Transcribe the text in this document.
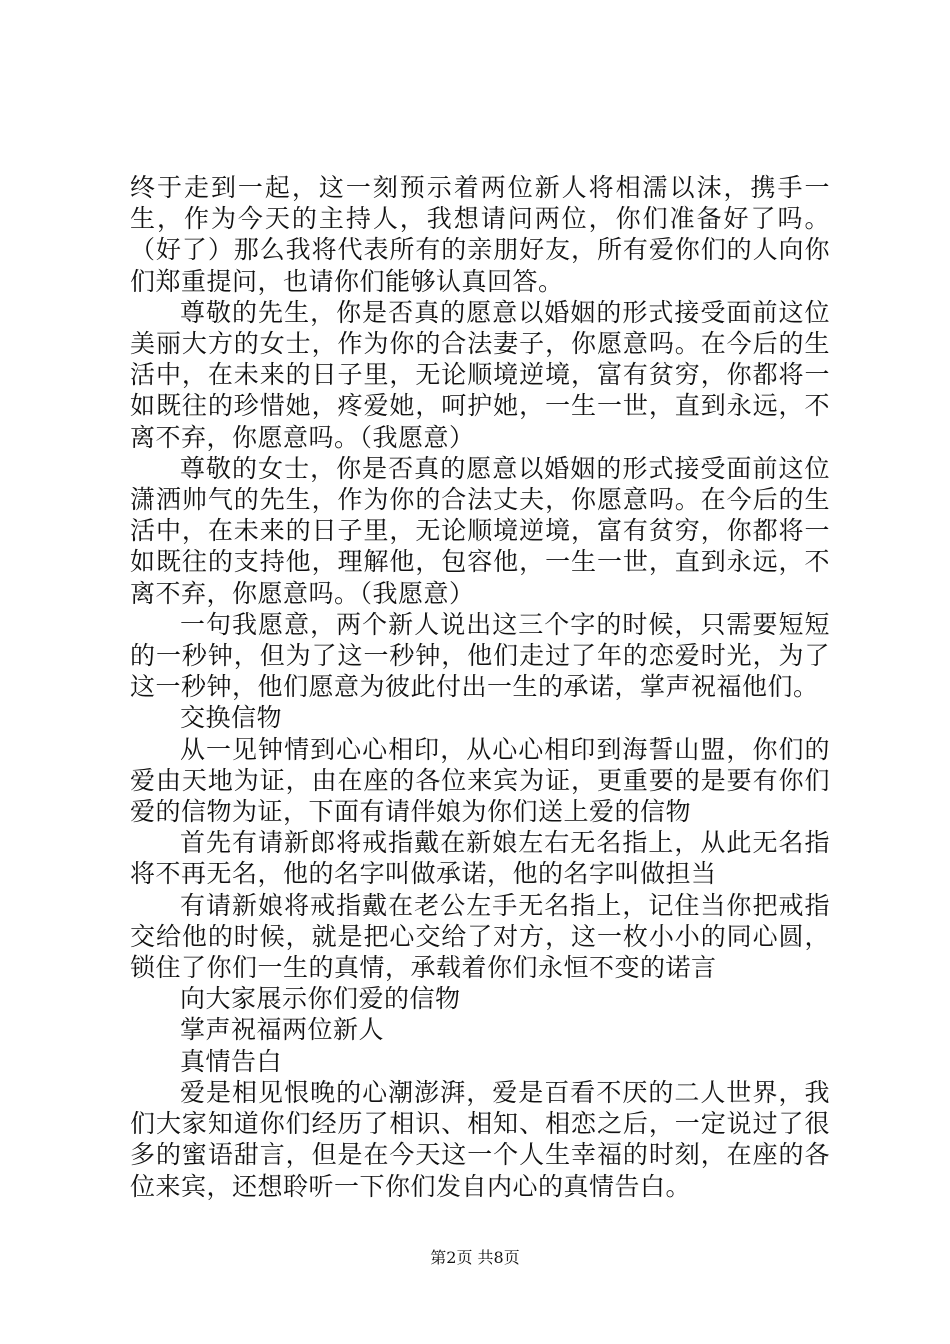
终于走到一起，这一刻预示着两位新人将相濡以沫，携手一生，作为今天的主持人，我想请问两位，你们准备好了吗。（好了）那么我将代表所有的亲朋好友，所有爱你们的人向你们郑重提问，也请你们能够认真回答。

尊敬的先生，你是否真的愿意以婚姻的形式接受面前这位美丽大方的女士，作为你的合法妻子，你愿意吗。在今后的生活中，在未来的日子里，无论顺境逆境，富有贫穷，你都将一如既往的珍惜她，疼爱她，呵护她，一生一世，直到永远，不离不弃，你愿意吗。（我愿意）

尊敬的女士，你是否真的愿意以婚姻的形式接受面前这位潇洒帅气的先生，作为你的合法丈夫，你愿意吗。在今后的生活中，在未来的日子里，无论顺境逆境，富有贫穷，你都将一如既往的支持他，理解他，包容他，一生一世，直到永远，不离不弃，你愿意吗。（我愿意）

一句我愿意，两个新人说出这三个字的时候，只需要短短的一秒钟，但为了这一秒钟，他们走过了年的恋爱时光，为了这一秒钟，他们愿意为彼此付出一生的承诺，掌声祝福他们。

交换信物

从一见钟情到心心相印，从心心相印到海誓山盟，你们的爱由天地为证，由在座的各位来宾为证，更重要的是要有你们爱的信物为证，下面有请伴娘为你们送上爱的信物

首先有请新郎将戒指戴在新娘左右无名指上，从此无名指将不再无名，他的名字叫做承诺，他的名字叫做担当

有请新娘将戒指戴在老公左手无名指上，记住当你把戒指交给他的时候，就是把心交给了对方，这一枚小小的同心圆，锁住了你们一生的真情，承载着你们永恒不变的诺言

向大家展示你们爱的信物

掌声祝福两位新人

真情告白

爱是相见恨晚的心潮澎湃，爱是百看不厌的二人世界，我们大家知道你们经历了相识、相知、相恋之后，一定说过了很多的蜜语甜言，但是在今天这一个人生幸福的时刻，在座的各位来宾，还想聆听一下你们发自内心的真情告白。

第2页 共8页
